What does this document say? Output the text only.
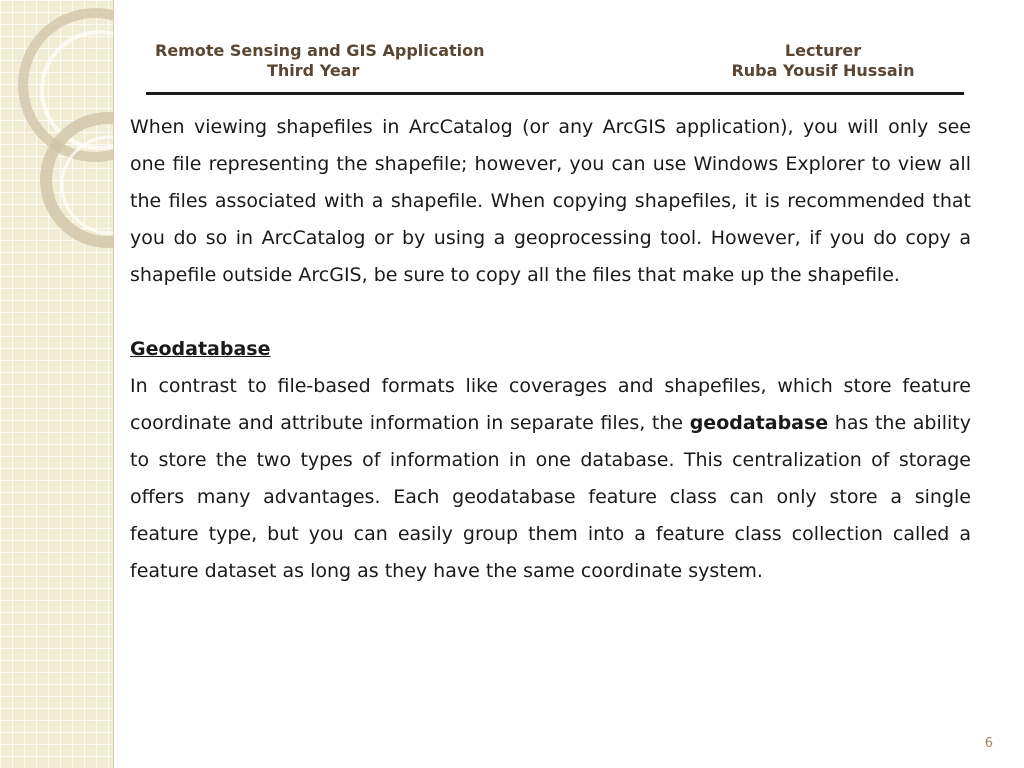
Remote Sensing and GIS Application
Third Year
Lecturer
Ruba Yousif Hussain

When viewing shapefiles in ArcCatalog (or any ArcGIS application), you will only see one file representing the shapefile; however, you can use Windows Explorer to view all the files associated with a shapefile. When copying shapefiles, it is recommended that you do so in ArcCatalog or by using a geoprocessing tool. However, if you do copy a shapefile outside ArcGIS, be sure to copy all the files that make up the shapefile.

Geodatabase

In contrast to file-based formats like coverages and shapefiles, which store feature coordinate and attribute information in separate files, the geodatabase has the ability to store the two types of information in one database. This centralization of storage offers many advantages. Each geodatabase feature class can only store a single feature type, but you can easily group them into a feature class collection called a feature dataset as long as they have the same coordinate system.

6
